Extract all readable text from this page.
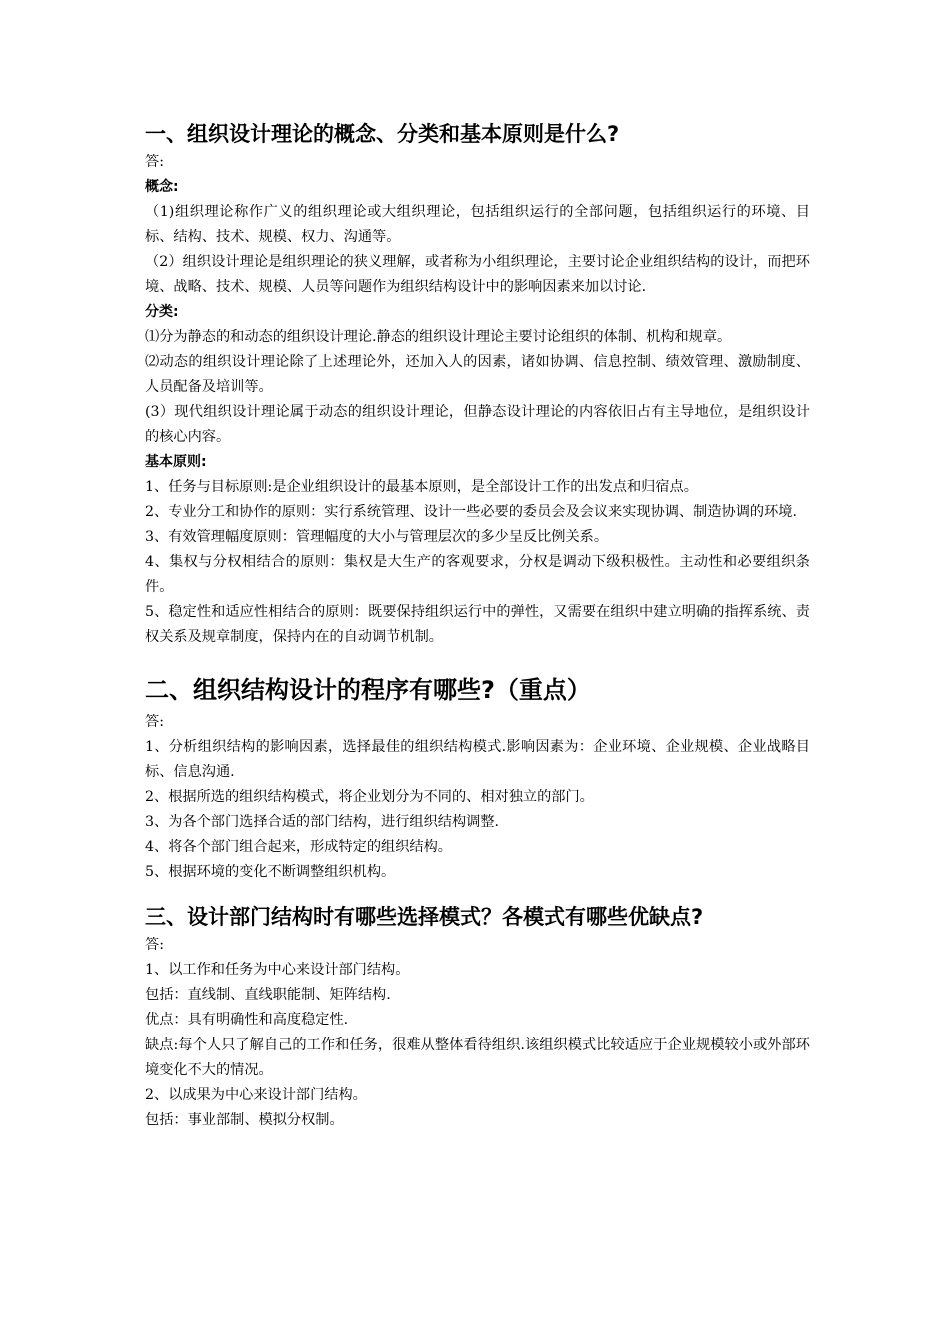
一、组织设计理论的概念、分类和基本原则是什么?

答:

概念:

（1)组织理论称作广义的组织理论或大组织理论，包括组织运行的全部问题，包括组织运行的环境、目标、结构、技术、规模、权力、沟通等。

（2）组织设计理论是组织理论的狭义理解，或者称为小组织理论，主要讨论企业组织结构的设计，而把环境、战略、技术、规模、人员等问题作为组织结构设计中的影响因素来加以讨论.

分类:

⑴分为静态的和动态的组织设计理论.静态的组织设计理论主要讨论组织的体制、机构和规章。

⑵动态的组织设计理论除了上述理论外，还加入人的因素，诸如协调、信息控制、绩效管理、激励制度、人员配备及培训等。

(3）现代组织设计理论属于动态的组织设计理论，但静态设计理论的内容依旧占有主导地位，是组织设计的核心内容。

基本原则:

1、任务与目标原则:是企业组织设计的最基本原则，是全部设计工作的出发点和归宿点。

2、专业分工和协作的原则：实行系统管理、设计一些必要的委员会及会议来实现协调、制造协调的环境.

3、有效管理幅度原则：管理幅度的大小与管理层次的多少呈反比例关系。

4、集权与分权相结合的原则：集权是大生产的客观要求，分权是调动下级积极性。主动性和必要组织条件。

5、稳定性和适应性相结合的原则：既要保持组织运行中的弹性，又需要在组织中建立明确的指挥系统、责权关系及规章制度，保持内在的自动调节机制。

二、组织结构设计的程序有哪些?（重点）

答:

1、分析组织结构的影响因素，选择最佳的组织结构模式.影响因素为：企业环境、企业规模、企业战略目标、信息沟通.

2、根据所选的组织结构模式，将企业划分为不同的、相对独立的部门。

3、为各个部门选择合适的部门结构，进行组织结构调整.

4、将各个部门组合起来，形成特定的组织结构。

5、根据环境的变化不断调整组织机构。

三、设计部门结构时有哪些选择模式？各模式有哪些优缺点?

答:

1、以工作和任务为中心来设计部门结构。

包括：直线制、直线职能制、矩阵结构.

优点：具有明确性和高度稳定性.

缺点:每个人只了解自己的工作和任务，很难从整体看待组织.该组织模式比较适应于企业规模较小或外部环境变化不大的情况。

2、以成果为中心来设计部门结构。

包括：事业部制、模拟分权制。
